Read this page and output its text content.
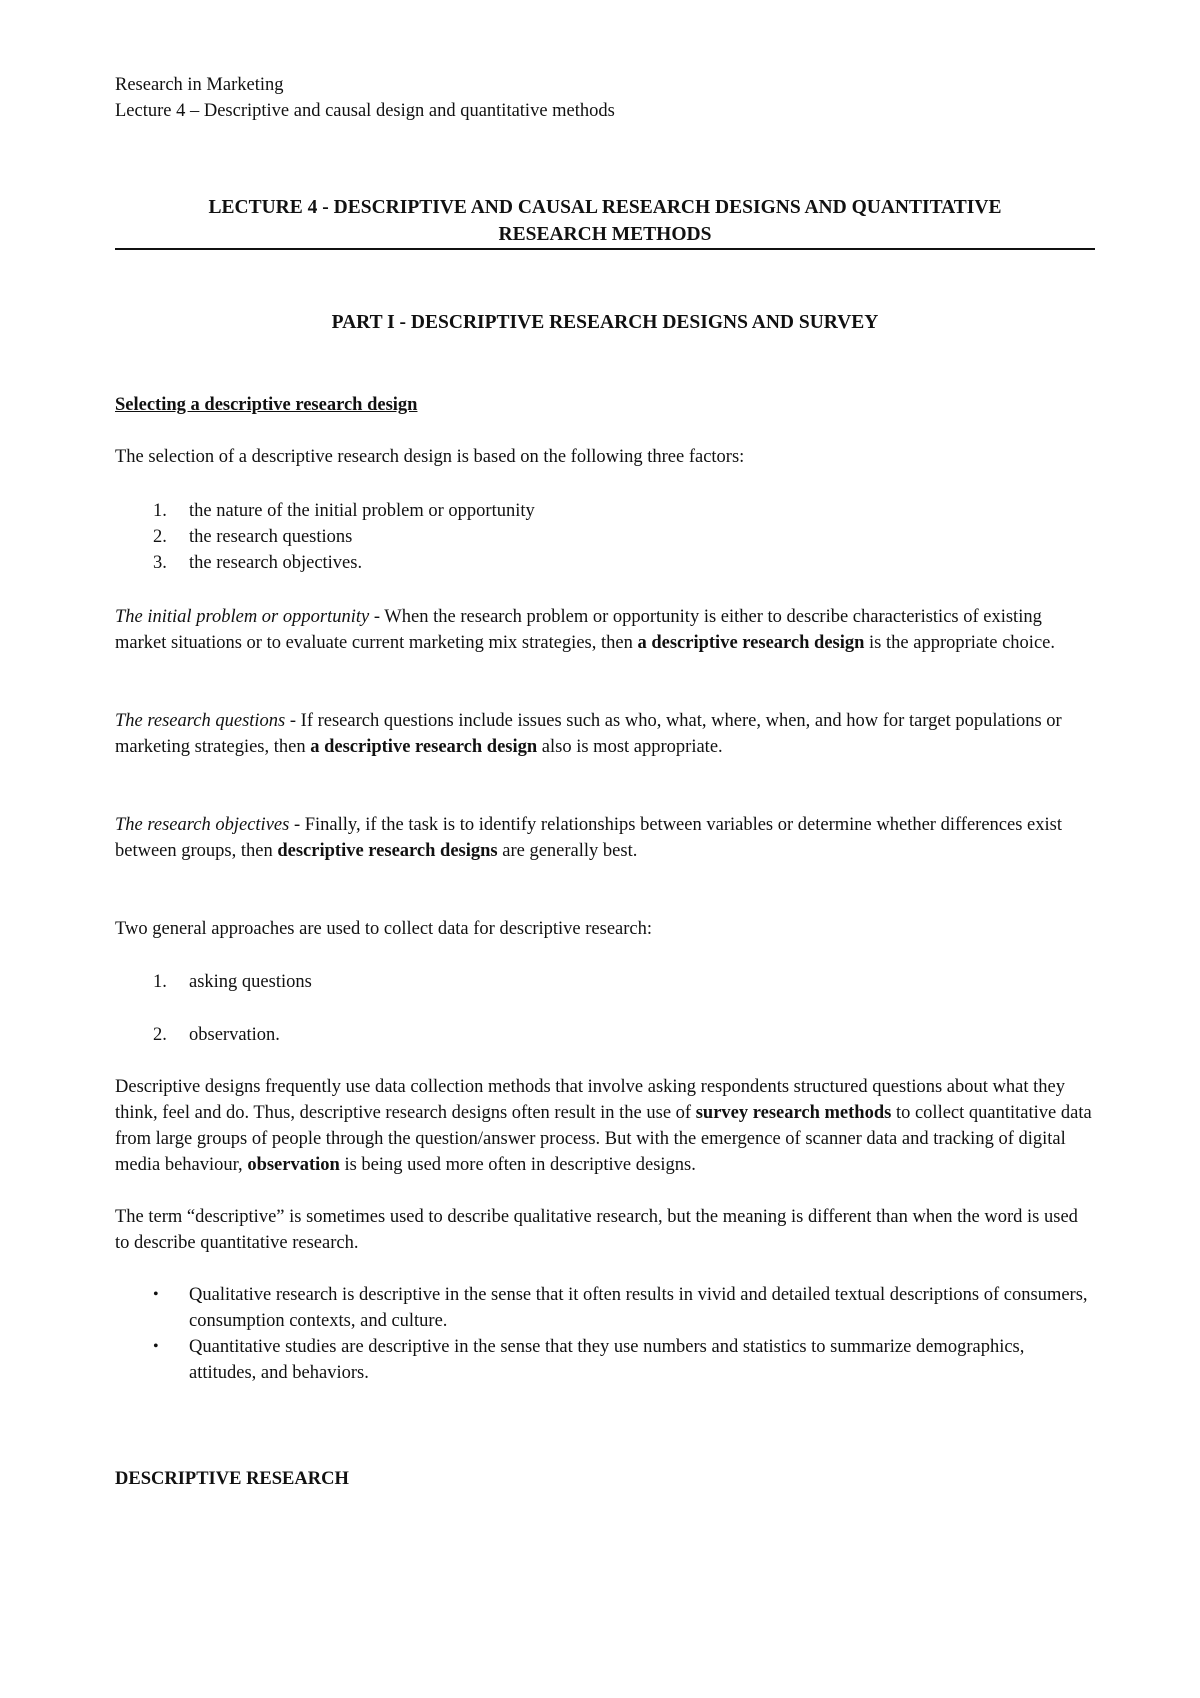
Research in Marketing

Lecture 4 – Descriptive and causal design and quantitative methods

LECTURE 4 - DESCRIPTIVE AND CAUSAL RESEARCH DESIGNS AND QUANTITATIVE
RESEARCH METHODS
PART I - DESCRIPTIVE RESEARCH DESIGNS AND SURVEY
Selecting a descriptive research design

The selection of a descriptive research design is based on the following three factors:

1. the nature of the initial problem or opportunity
2. the research questions
3. the research objectives.

The initial problem or opportunity - When the research problem or opportunity is either to describe characteristics of existing market situations or to evaluate current marketing mix strategies, then a descriptive research design is the appropriate choice.

The research questions - If research questions include issues such as who, what, where, when, and how for target populations or marketing strategies, then a descriptive research design also is most appropriate.

The research objectives - Finally, if the task is to identify relationships between variables or determine whether differences exist between groups, then descriptive research designs are generally best.

Two general approaches are used to collect data for descriptive research:

1. asking questions
2. observation.

Descriptive designs frequently use data collection methods that involve asking respondents structured questions about what they think, feel and do. Thus, descriptive research designs often result in the use of survey research methods to collect quantitative data from large groups of people through the question/answer process. But with the emergence of scanner data and tracking of digital media behaviour, observation is being used more often in descriptive designs.

The term “descriptive” is sometimes used to describe qualitative research, but the meaning is different than when the word is used to describe quantitative research.

• Qualitative research is descriptive in the sense that it often results in vivid and detailed textual descriptions of consumers, consumption contexts, and culture.
• Quantitative studies are descriptive in the sense that they use numbers and statistics to summarize demographics, attitudes, and behaviors.
DESCRIPTIVE RESEARCH
